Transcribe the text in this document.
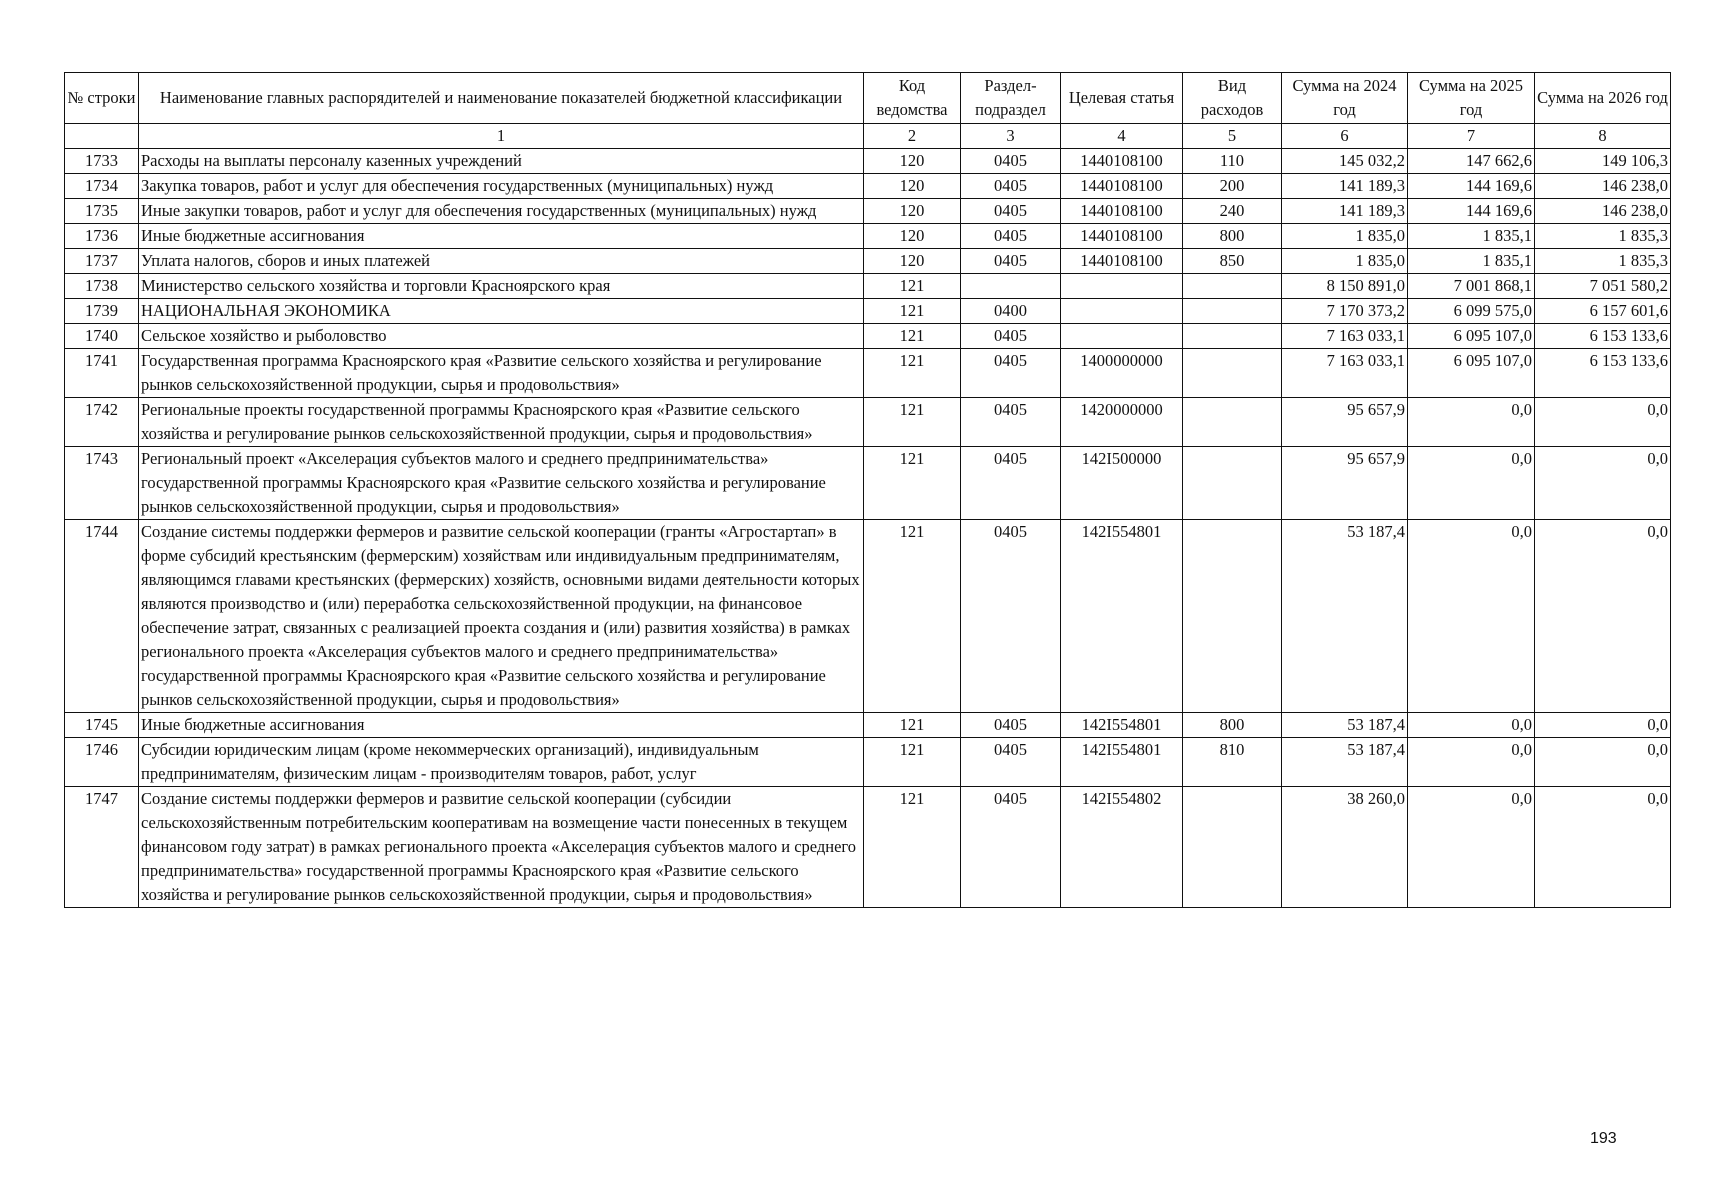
№ строки	Наименование главных распорядителей и наименование показателей бюджетной классификации	Код ведомства	Раздел-подраздел	Целевая статья	Вид расходов	Сумма на 2024 год	Сумма на 2025 год	Сумма на 2026 год
	1	2	3	4	5	6	7	8
1733	Расходы на выплаты персоналу казенных учреждений	120	0405	1440108100	110	145 032,2	147 662,6	149 106,3
1734	Закупка товаров, работ и услуг для обеспечения государственных (муниципальных) нужд	120	0405	1440108100	200	141 189,3	144 169,6	146 238,0
1735	Иные закупки товаров, работ и услуг для обеспечения государственных (муниципальных) нужд	120	0405	1440108100	240	141 189,3	144 169,6	146 238,0
1736	Иные бюджетные ассигнования	120	0405	1440108100	800	1 835,0	1 835,1	1 835,3
1737	Уплата налогов, сборов и иных платежей	120	0405	1440108100	850	1 835,0	1 835,1	1 835,3
1738	Министерство сельского хозяйства и торговли Красноярского края	121				8 150 891,0	7 001 868,1	7 051 580,2
1739	НАЦИОНАЛЬНАЯ ЭКОНОМИКА	121	0400			7 170 373,2	6 099 575,0	6 157 601,6
1740	Сельское хозяйство и рыболовство	121	0405			7 163 033,1	6 095 107,0	6 153 133,6
1741	Государственная программа Красноярского края «Развитие сельского хозяйства и регулирование рынков сельскохозяйственной продукции, сырья и продовольствия»	121	0405	1400000000		7 163 033,1	6 095 107,0	6 153 133,6
1742	Региональные проекты государственной программы Красноярского края «Развитие сельского хозяйства и регулирование рынков сельскохозяйственной продукции, сырья и продовольствия»	121	0405	1420000000		95 657,9	0,0	0,0
1743	Региональный проект «Акселерация субъектов малого и среднего предпринимательства» государственной программы Красноярского края «Развитие сельского хозяйства и регулирование рынков сельскохозяйственной продукции, сырья и продовольствия»	121	0405	142I500000		95 657,9	0,0	0,0
1744	Создание системы поддержки фермеров и развитие сельской кооперации (гранты «Агростартап» в форме субсидий крестьянским (фермерским) хозяйствам или индивидуальным предпринимателям, являющимся главами крестьянских (фермерских) хозяйств, основными видами деятельности которых являются производство и (или) переработка сельскохозяйственной продукции, на финансовое обеспечение затрат, связанных с реализацией проекта создания и (или) развития хозяйства) в рамках регионального проекта «Акселерация субъектов малого и среднего предпринимательства» государственной программы Красноярского края «Развитие сельского хозяйства и регулирование рынков сельскохозяйственной продукции, сырья и продовольствия»	121	0405	142I554801		53 187,4	0,0	0,0
1745	Иные бюджетные ассигнования	121	0405	142I554801	800	53 187,4	0,0	0,0
1746	Субсидии юридическим лицам (кроме некоммерческих организаций), индивидуальным предпринимателям, физическим лицам - производителям товаров, работ, услуг	121	0405	142I554801	810	53 187,4	0,0	0,0
1747	Создание системы поддержки фермеров и развитие сельской кооперации (субсидии сельскохозяйственным потребительским кооперативам на возмещение части понесенных в текущем финансовом году затрат) в рамках регионального проекта «Акселерация субъектов малого и среднего предпринимательства» государственной программы Красноярского края «Развитие сельского хозяйства и регулирование рынков сельскохозяйственной продукции, сырья и продовольствия»	121	0405	142I554802		38 260,0	0,0	0,0
193
